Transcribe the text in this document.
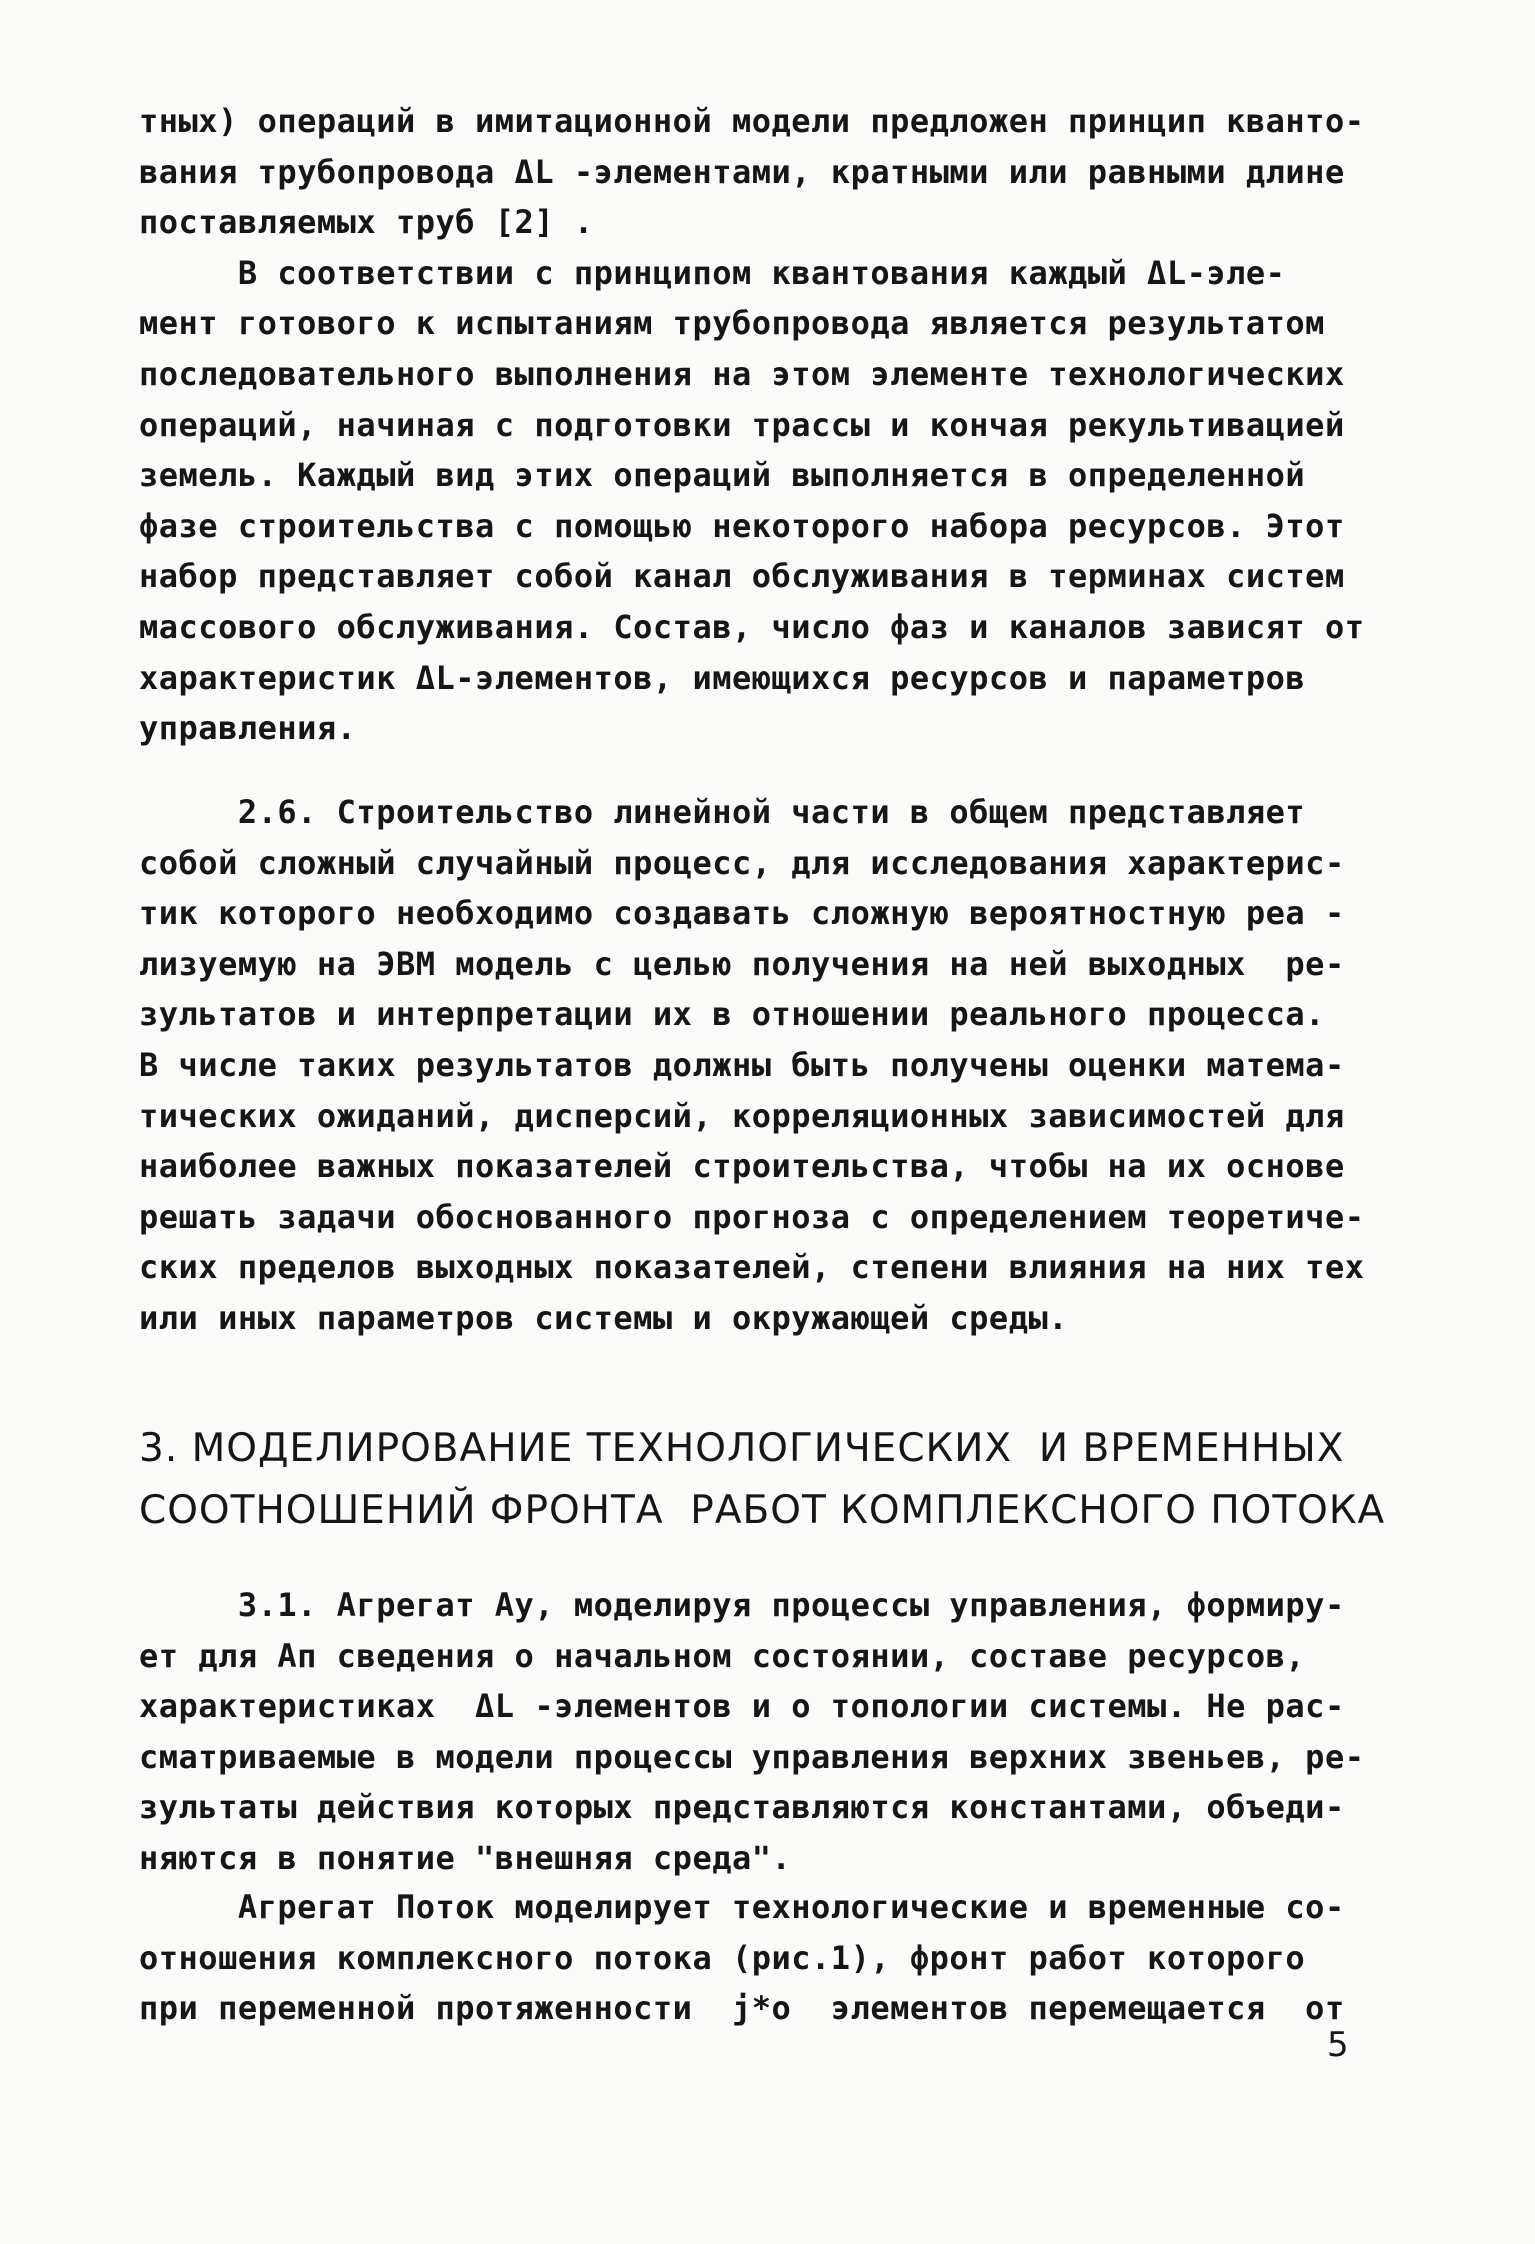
тных) операций в имитационной модели предложен принцип кванто-
вания трубопровода ΔL -элементами, кратными или равными длине
поставляемых труб [2] .
В соответствии с принципом квантования каждый ΔL-эле-
мент готового к испытаниям трубопровода является результатом
последовательного выполнения на этом элементе технологических
операций, начиная с подготовки трассы и кончая рекультивацией
земель. Каждый вид этих операций выполняется в определенной
фазе строительства с помощью некоторого набора ресурсов. Этот
набор представляет собой канал обслуживания в терминах систем
массового обслуживания. Состав, число фаз и каналов зависят от
характеристик ΔL-элементов, имеющихся ресурсов и параметров
управления.
2.6. Строительство линейной части в общем представляет
собой сложный случайный процесс, для исследования характерис-
тик которого необходимо создавать сложную вероятностную реа -
лизуемую на ЭВМ модель с целью получения на ней выходных  ре-
зультатов и интерпретации их в отношении реального процесса.
В числе таких результатов должны быть получены оценки матема-
тических ожиданий, дисперсий, корреляционных зависимостей для
наиболее важных показателей строительства, чтобы на их основе
решать задачи обоснованного прогноза с определением теоретиче-
ских пределов выходных показателей, степени влияния на них тех
или иных параметров системы и окружающей среды.
3. МОДЕЛИРОВАНИЕ ТЕХНОЛОГИЧЕСКИХ  И ВРЕМЕННЫХ
СООТНОШЕНИЙ ФРОНТА  РАБОТ КОМПЛЕКСНОГО ПОТОКА
3.1. Агрегат Ау, моделируя процессы управления, формиру-
ет для Ап сведения о начальном состоянии, составе ресурсов,
характеристиках  ΔL -элементов и о топологии системы. Не рас-
сматриваемые в модели процессы управления верхних звеньев, ре-
зультаты действия которых представляются константами, объеди-
няются в понятие "внешняя среда".
Агрегат Поток моделирует технологические и временные со-
отношения комплексного потока (рис.1), фронт работ которого
при переменной протяженности  j*о  элементов перемещается  от
5
